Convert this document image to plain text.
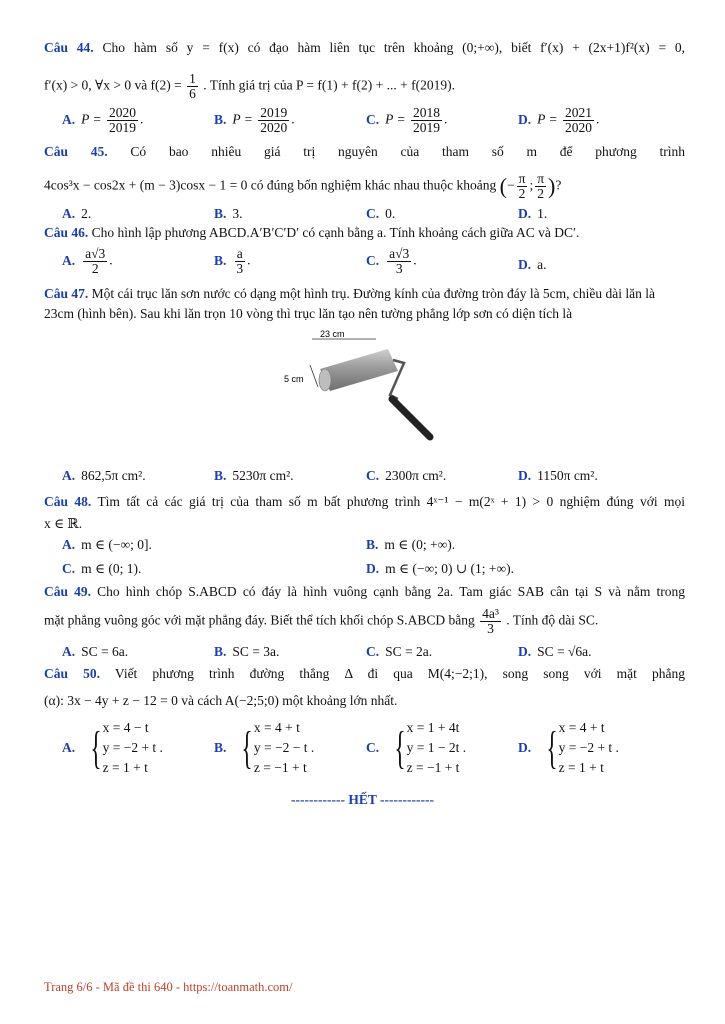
Câu 44. Cho hàm số y = f(x) có đạo hàm liên tục trên khoảng (0;+∞), biết f′(x) + (2x+1)f²(x) = 0,
f′(x) > 0, ∀x > 0 và $f(2) = \frac{1}{6}$ . Tính giá trị của P = f(1) + f(2) + ... + f(2019).
A. $P = \frac{2020}{2019}$ .	B. $P = \frac{2019}{2020}$ .	C. $P = \frac{2018}{2019}$ .	D. $P = \frac{2021}{2020}$ .
Câu 45. Có bao nhiêu giá trị nguyên của tham số m để phương trình
4cos³x − cos2x + (m − 3)cosx − 1 = 0 có đúng bốn nghiệm khác nhau thuộc khoảng (− $\frac{\pi}{2}$ ; $\frac{\pi}{2}$ )?
A. 2.	B. 3.	C. 0.	D. 1.
Câu 46. Cho hình lập phương ABCD.A′B′C′D′ có cạnh bằng a. Tính khoảng cách giữa AC và DC′.
A. $\frac{a√3}{2}$ .	B. $\frac{a}{3}$ .	C. $\frac{a√3}{3}$ .	D. a.
Câu 47. Một cái trục lăn sơn nước có dạng một hình trụ. Đường kính của đường tròn đáy là 5cm, chiều dài lăn là 23cm (hình bên). Sau khi lăn trọn 10 vòng thì trục lăn tạo nên tường phẳng lớp sơn có diện tích là
23 cm
5 cm
A. 862,5π cm².	B. 5230π cm².	C. 2300π cm².	D. 1150π cm².
Câu 48. Tìm tất cả các giá trị của tham số m bất phương trình 4ˣ⁻¹ − m(2ˣ + 1) > 0 nghiệm đúng với mọi
x ∈ ℝ.
A. m ∈ (−∞; 0].	B. m ∈ (0; +∞).
C. m ∈ (0; 1).	D. m ∈ (−∞; 0) ∪ (1; +∞).
Câu 49. Cho hình chóp S.ABCD có đáy là hình vuông cạnh bằng 2a. Tam giác SAB cân tại S và nằm trong
mặt phẳng vuông góc với mặt phẳng đáy. Biết thể tích khối chóp S.ABCD bằng $\frac{\text{4a³}}{3}$ . Tính độ dài SC.
A. SC = 6a.	B. SC = 3a.	C. SC = 2a.	D. SC = √6a.
Câu 50. Viết phương trình đường thẳng Δ đi qua M(4;−2;1), song song với mặt phẳng
(α): 3x − 4y + z − 12 = 0 và cách A(−2;5;0) một khoảng lớn nhất.
A. { x = 4 − t
y = −2 + t .
z = 1 + t
B. { x = 4 + t
y = −2 − t .
z = −1 + t
C. { x = 1 + 4t
y = 1 − 2t .
z = −1 + t
D. { x = 4 + t
y = −2 + t .
z = 1 + t
------------ HẾT ------------
Trang 6/6 - Mã đề thi 640 - https://toanmath.com/
